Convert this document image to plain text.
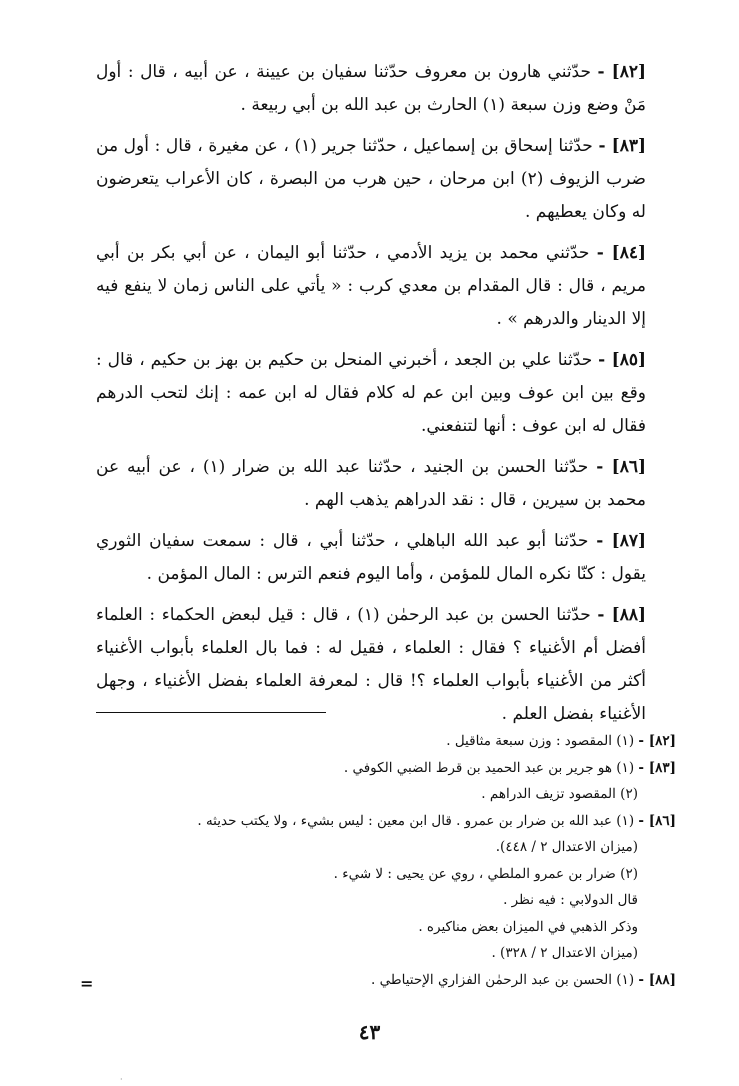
[٨٢] - حدّثني هارون بن معروف حدّثنا سفيان بن عيينة ، عن أبيه ، قال : أول مَنْ وضع وزن سبعة (١) الحارث بن عبد الله بن أبي ربيعة .

[٨٣] - حدّثنا إسحاق بن إسماعيل ، حدّثنا جرير (١) ، عن مغيرة ، قال : أول من ضرب الزيوف (٢) ابن مرحان ، حين هرب من البصرة ، كان الأعراب يتعرضون له وكان يعطيهم .

[٨٤] - حدّثني محمد بن يزيد الأدمي ، حدّثنا أبو اليمان ، عن أبي بكر بن أبي مريم ، قال : قال المقدام بن معدي كرب : « يأتي على الناس زمان لا ينفع فيه إلا الدينار والدرهم » .

[٨٥] - حدّثنا علي بن الجعد ، أخبرني المنحل بن حكيم بن بهز بن حكيم ، قال : وقع بين ابن عوف وبين ابن عم له كلام فقال له ابن عمه : إنك لتحب الدرهم فقال له ابن عوف : أنها لتنفعني.

[٨٦] - حدّثنا الحسن بن الجنيد ، حدّثنا عبد الله بن ضرار (١) ، عن أبيه عن محمد بن سيرين ، قال : نقد الدراهم يذهب الهم .

[٨٧] - حدّثنا أبو عبد الله الباهلي ، حدّثنا أبي ، قال : سمعت سفيان الثوري يقول : كنّا نكره المال للمؤمن ، وأما اليوم فنعم الترس : المال المؤمن .

[٨٨] - حدّثنا الحسن بن عبد الرحمٰن (١) ، قال : قيل لبعض الحكماء : العلماء أفضل أم الأغنياء ؟ فقال : العلماء ، فقيل له : فما بال العلماء بأبواب الأغنياء أكثر من الأغنياء بأبواب العلماء ؟! قال : لمعرفة العلماء بفضل الأغنياء ، وجهل الأغنياء بفضل العلم .

[٨٢] - (١) المقصود : وزن سبعة مثاقيل .

[٨٣] - (١) هو جرير بن عبد الحميد بن قرط الضبي الكوفي .

(٢) المقصود تزيف الدراهم .

[٨٦] - (١) عبد الله بن ضرار بن عمرو . قال ابن معين : ليس بشيء ، ولا يكتب حديثه .

(ميزان الاعتدال ٢ / ٤٤٨).

(٢) ضرار بن عمرو الملطي ، روي عن يحيى : لا شيء .

قال الدولابي : فيه نظر .

وذكر الذهبي في الميزان بعض مناكيره .

(ميزان الاعتدال ٢ / ٣٢٨) .

[٨٨] - (١) الحسن بن عبد الرحمٰن الفزاري الإحتياطي .

=
٤٣
·
